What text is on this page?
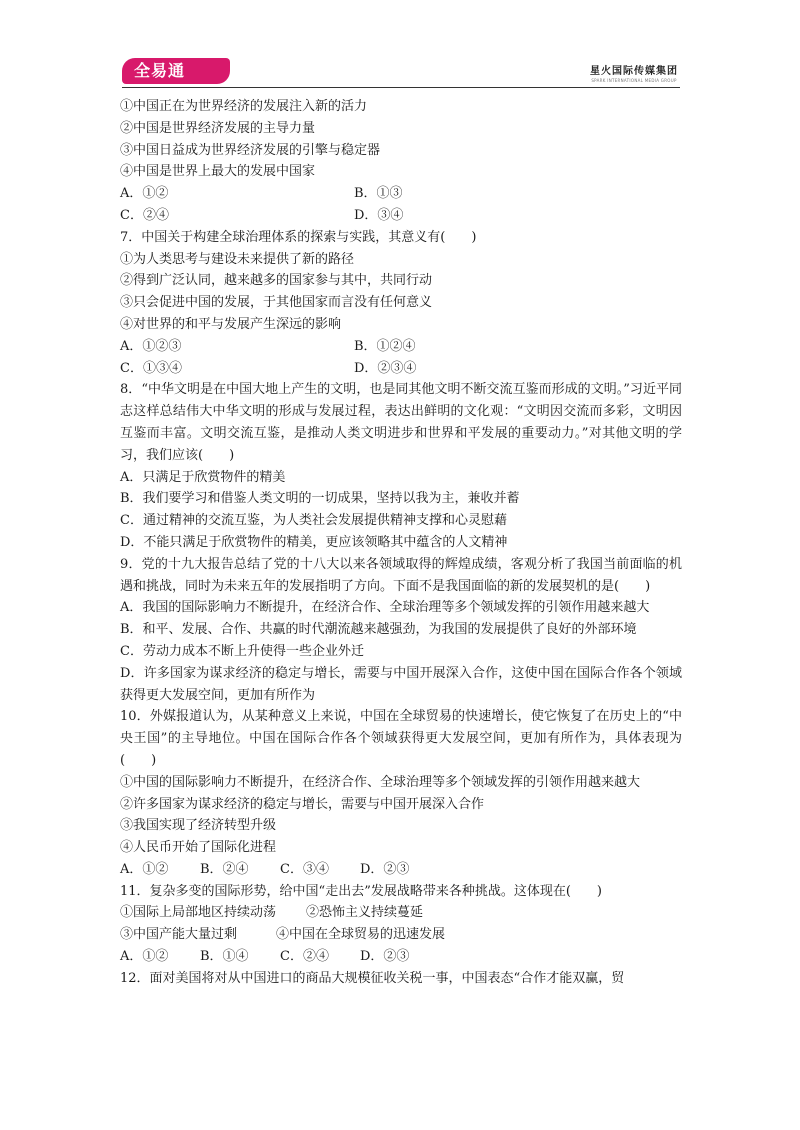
全易通	星火国际传媒集团
SPARK INTERNATIONAL MEDIA GROUP
①中国正在为世界经济的发展注入新的活力
②中国是世界经济发展的主导力量
③中国日益成为世界经济发展的引擎与稳定器
④中国是世界上最大的发展中国家
A．①②	B．①③
C．②④	D．③④
7．中国关于构建全球治理体系的探索与实践，其意义有(　　)
①为人类思考与建设未来提供了新的路径
②得到广泛认同，越来越多的国家参与其中，共同行动
③只会促进中国的发展，于其他国家而言没有任何意义
④对世界的和平与发展产生深远的影响
A．①②③	B．①②④
C．①③④	D．②③④
8．“中华文明是在中国大地上产生的文明，也是同其他文明不断交流互鉴而形成的文明。”习近平同志这样总结伟大中华文明的形成与发展过程，表达出鲜明的文化观：“文明因交流而多彩，文明因互鉴而丰富。文明交流互鉴，是推动人类文明进步和世界和平发展的重要动力。”对其他文明的学习，我们应该(　　)
A．只满足于欣赏物件的精美
B．我们要学习和借鉴人类文明的一切成果，坚持以我为主，兼收并蓄
C．通过精神的交流互鉴，为人类社会发展提供精神支撑和心灵慰藉
D．不能只满足于欣赏物件的精美，更应该领略其中蕴含的人文精神
9．党的十九大报告总结了党的十八大以来各领域取得的辉煌成绩，客观分析了我国当前面临的机遇和挑战，同时为未来五年的发展指明了方向。下面不是我国面临的新的发展契机的是(　　)
A．我国的国际影响力不断提升，在经济合作、全球治理等多个领域发挥的引领作用越来越大
B．和平、发展、合作、共赢的时代潮流越来越强劲，为我国的发展提供了良好的外部环境
C．劳动力成本不断上升使得一些企业外迁
D．许多国家为谋求经济的稳定与增长，需要与中国开展深入合作，这使中国在国际合作各个领域获得更大发展空间，更加有所作为
10．外媒报道认为，从某种意义上来说，中国在全球贸易的快速增长，使它恢复了在历史上的“中央王国”的主导地位。中国在国际合作各个领域获得更大发展空间，更加有所作为，具体表现为(　　)
①中国的国际影响力不断提升，在经济合作、全球治理等多个领域发挥的引领作用越来越大
②许多国家为谋求经济的稳定与增长，需要与中国开展深入合作
③我国实现了经济转型升级
④人民币开始了国际化进程
A．①②	B．②④	C．③④	D．②③
11．复杂多变的国际形势，给中国“走出去”发展战略带来各种挑战。这体现在(　　)
①国际上局部地区持续动荡	②恐怖主义持续蔓延
③中国产能大量过剩	④中国在全球贸易的迅速发展
A．①②	B．①④	C．②④	D．②③
12．面对美国将对从中国进口的商品大规模征收关税一事，中国表态“合作才能双赢，贸
